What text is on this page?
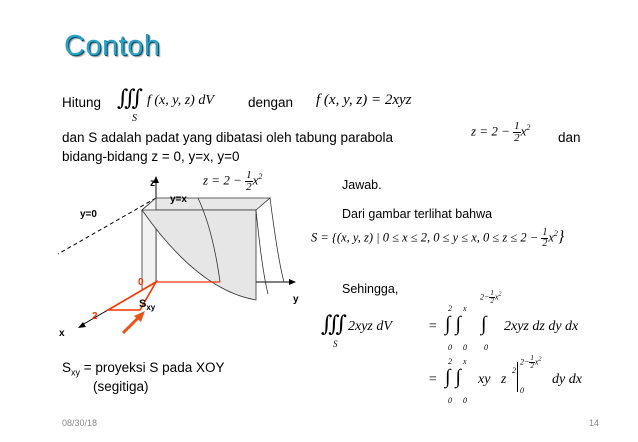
Contoh
Hitung ∭
S
f (x, y, z) dV	dengan f (x, y, z) = 2xyz
dan S adalah padat yang dibatasi oleh tabung parabola	$z = 2 - \frac{1}{2} x^2$
dan
bidang-bidang z = 0, y=x, y=0
z
y
x
y=x
y=0
0
2
$S_{xy}$
$z = 2 - \frac{1}{2} x^2$
Jawab.
Dari gambar terlihat bahwa
S = {(x, y, z) | 0 ≤ x ≤ 2, 0 ≤ y ≤ x, $0 \le z \le 2 - \frac{1}{2} x^2$}
Sehingga,
∭
S
2xyz dV	= ∫ ∫    ∫
2
0
x
0 0
$2- \frac{1}{2} x^2$
2xyz dz dy dx
= ∫ ∫
2
0
x
0
xy   z
2
$2- \frac{1}{2} x^2$
0
dy dx
$S_{xy}$ = proyeksi S pada XOY
(segitiga)
08/30/18	14
